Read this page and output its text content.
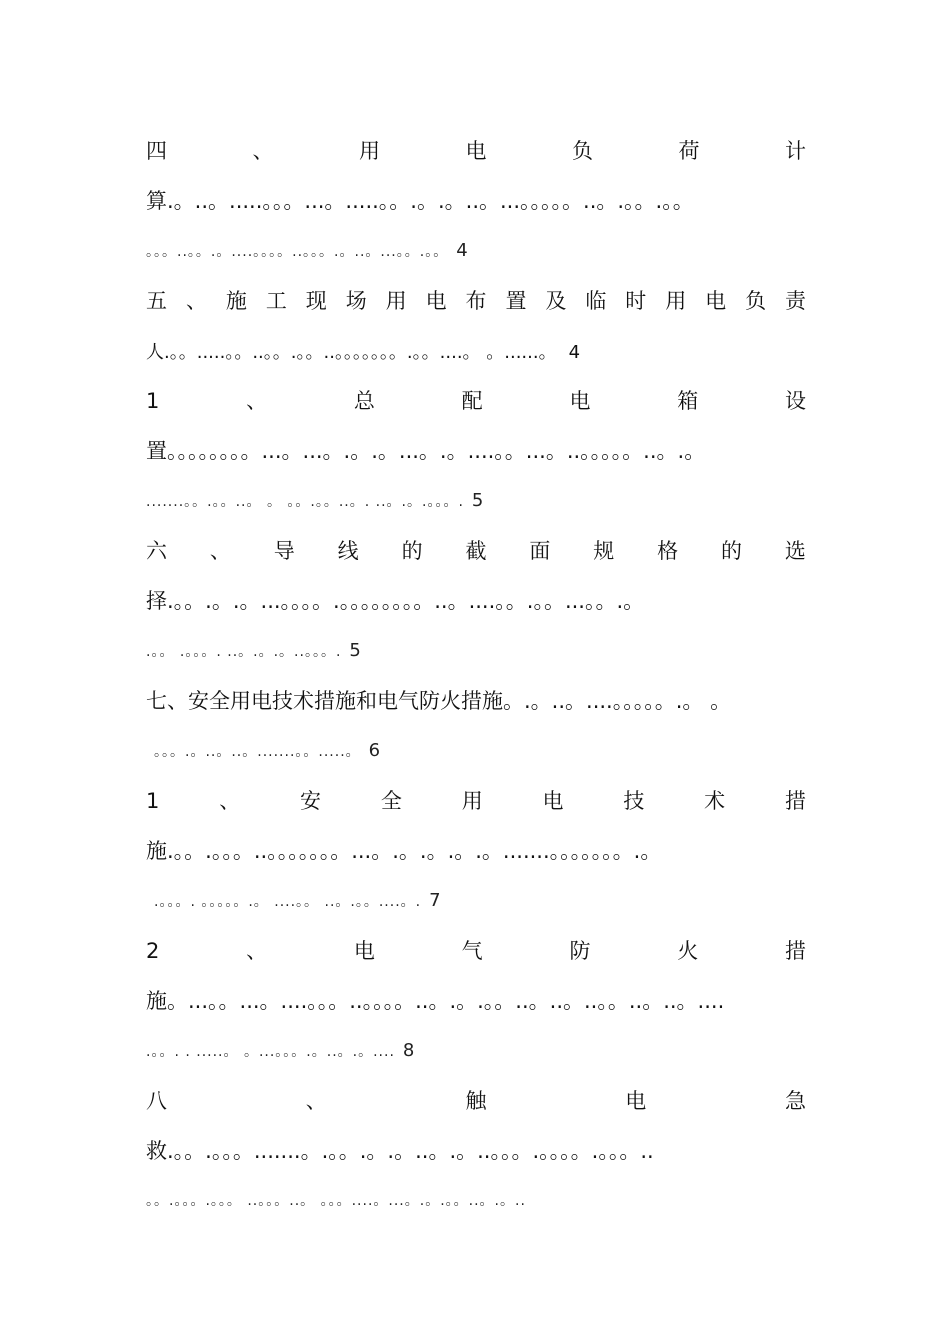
四	、	用	电	负	荷	计
算.。..。.....。。。...。.....。。.。.。..。...。。。。。..。.。。.。。
。。。..。。.。....。。。。..。。。.。..。...。。.。。 4
五 、 施 工 现 场 用 电 布 置 及 临 时 用 电 负 责
人.。。.....。。..。。.。。..。。。。。。。.。。....。 。......。 4
1	、	总	配	电	箱	设
置。。。。。。。。...。...。.。.。...。.。....。。...。..。。。。。..。.。
.......。。.。。..。 。 。。.。。..。. ..。.。.。。。. 5
六 、 导 线 的 截 面 规 格 的 选
择.。。.。.。...。。。。.。。。。。。。。..。....。。.。。...。。.。
.。。 .。。。. ..。.。.。..。。。. 5
七、安全用电技术措施和电气防火措施。.。..。....。。。。。.。 。
。。。.。..。..。.......。。.....。 6
1	、	安	全	用	电	技	术	措
施.。。.。。。..。。。。。。。...。.。.。.。.。.......。。。。。。。.。
.。。。. 。。。。。.。 ....。。 ..。.。。....。. 7
2	、	电	气	防	火	措
施。...。。...。....。。。..。。。。..。.。.。。..。..。..。。..。..。....
.。。. . .....。 。...。。。.。..。.。.... 8
八	、	触	电	急
救.。。.。。。.......。.。。.。.。..。.。..。。。.。。。。.。。。..
。。.。。。.。。。 ..。。。..。 。。。....。...。.。.。。..。.。..
